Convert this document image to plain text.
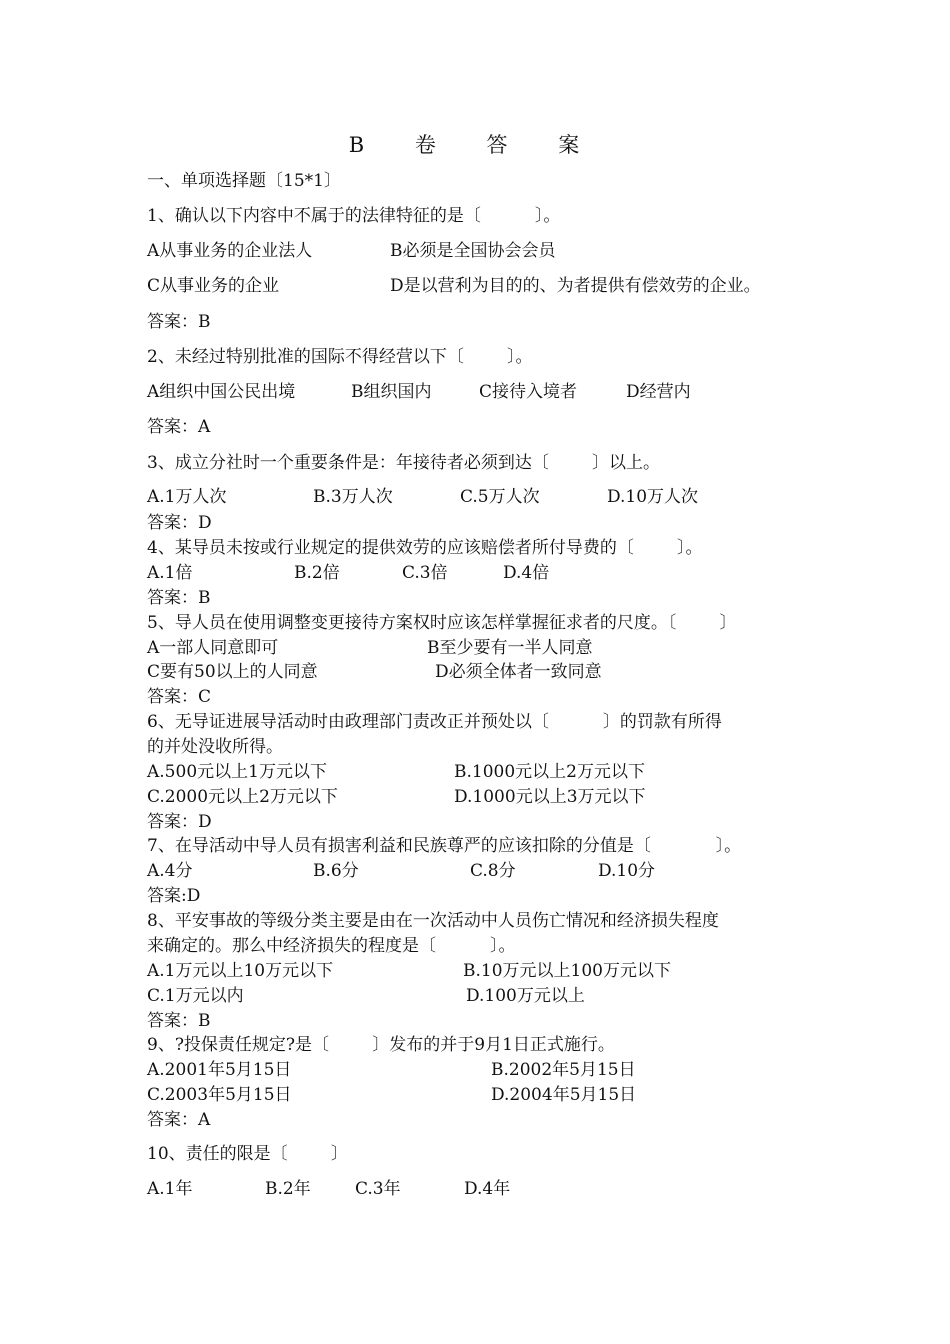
B 卷 答 案
一、单项选择题〔15*1〕
1、确认以下内容中不属于的法律特征的是〔          〕。
A从事业务的企业法人	B必须是全国协会会员
C从事业务的企业	D是以营利为目的的、为者提供有偿效劳的企业。
答案：B
2、未经过特别批准的国际不得经营以下〔        〕。
A组织中国公民出境	B组织国内	C接待入境者	D经营内
答案：A
3、成立分社时一个重要条件是：年接待者必须到达〔        〕以上。
A.1万人次	B.3万人次	C.5万人次	D.10万人次
答案：D
4、某导员未按或行业规定的提供效劳的应该赔偿者所付导费的〔        〕。
A.1倍	B.2倍	C.3倍	D.4倍
答案：B
5、导人员在使用调整变更接待方案权时应该怎样掌握征求者的尺度。〔        〕
A一部人同意即可	B至少要有一半人同意
C要有50以上的人同意	D必须全体者一致同意
答案：C
6、无导证进展导活动时由政理部门责改正并预处以〔          〕的罚款有所得
的并处没收所得。
A.500元以上1万元以下	B.1000元以上2万元以下
C.2000元以上2万元以下	D.1000元以上3万元以下
答案：D
7、在导活动中导人员有损害利益和民族尊严的应该扣除的分值是〔            〕。
A.4分	B.6分	C.8分	D.10分
答案:D
8、平安事故的等级分类主要是由在一次活动中人员伤亡情况和经济损失程度
来确定的。那么中经济损失的程度是〔          〕。
A.1万元以上10万元以下	B.10万元以上100万元以下
C.1万元以内	D.100万元以上
答案：B
9、?投保责任规定?是〔        〕发布的并于9月1日正式施行。
A.2001年5月15日	B.2002年5月15日
C.2003年5月15日	D.2004年5月15日
答案：A
10、责任的限是〔        〕
A.1年	B.2年	C.3年	D.4年
